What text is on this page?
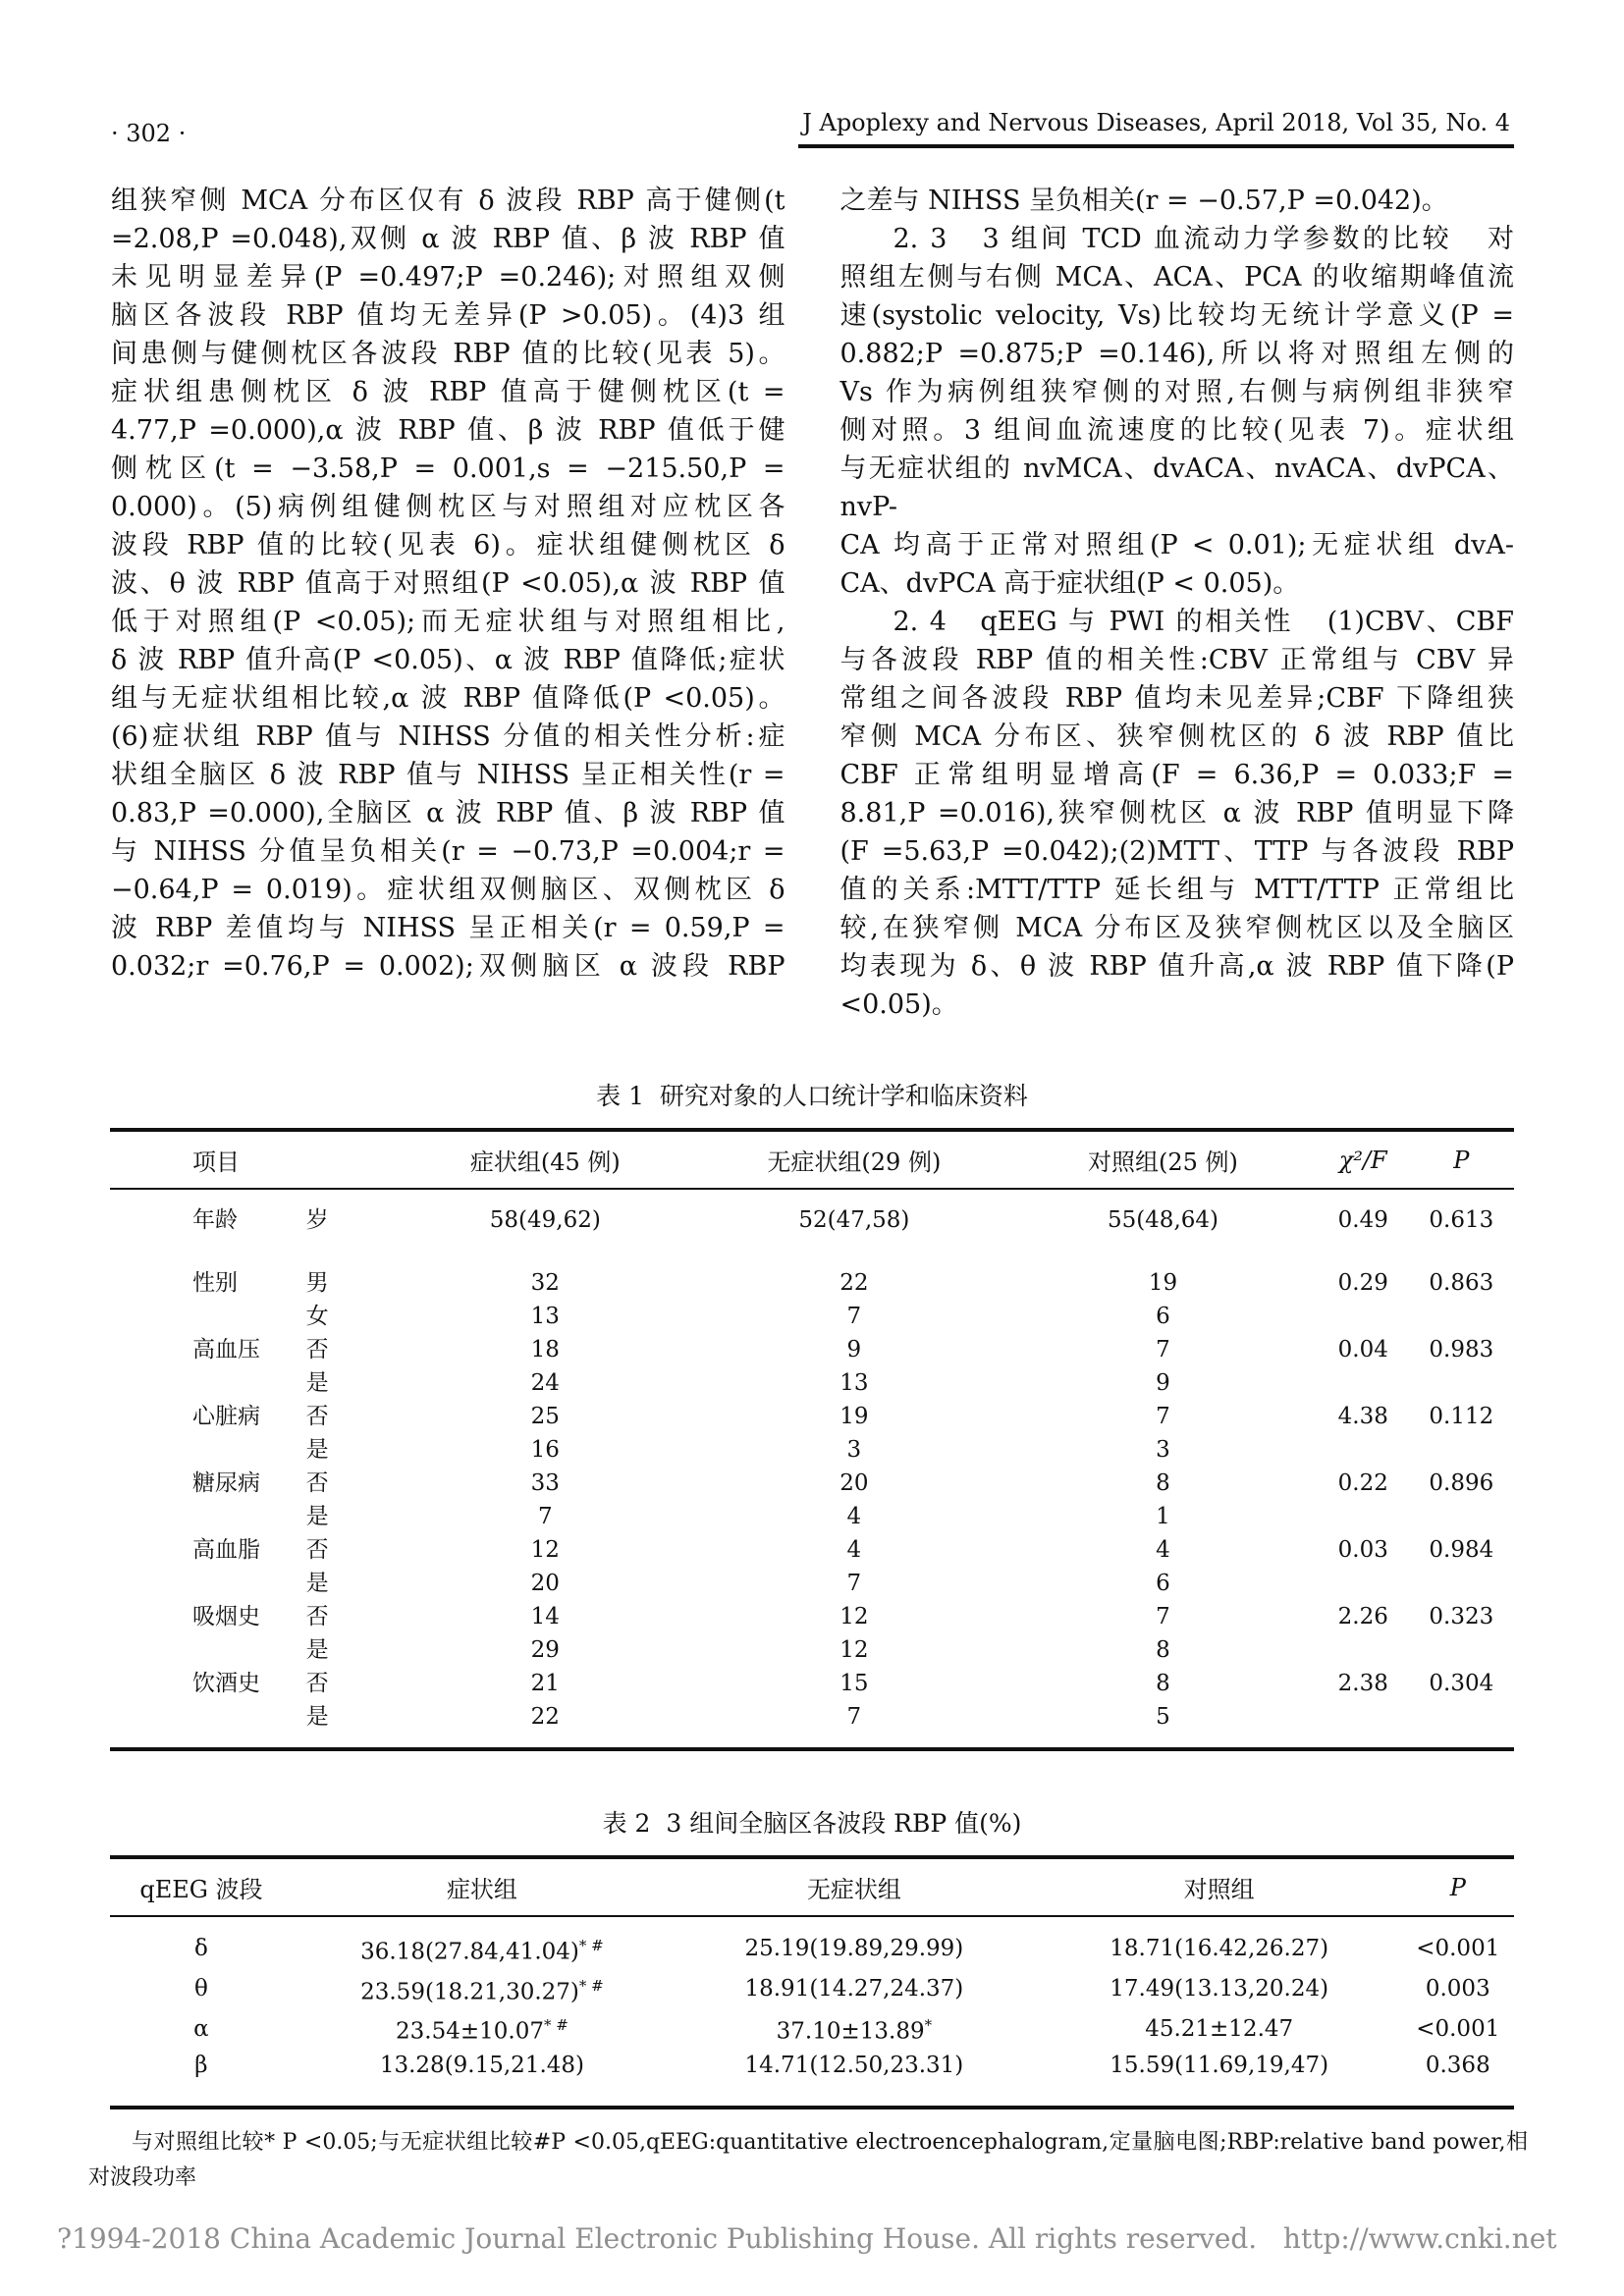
· 302 ·	J Apoplexy and Nervous Diseases, April 2018, Vol 35, No. 4
组狭窄侧 MCA 分布区仅有 δ 波段 RBP 高于健侧(t
=2.08,P =0.048),双侧 α 波 RBP 值、β 波 RBP 值
未见明显差异(P =0.497;P =0.246);对照组双侧
脑区各波段 RBP 值均无差异(P >0.05)。(4)3 组
间患侧与健侧枕区各波段 RBP 值的比较(见表 5)。
症状组患侧枕区 δ 波 RBP 值高于健侧枕区(t =
4.77,P =0.000),α 波 RBP 值、β 波 RBP 值低于健
侧枕区(t = −3.58,P = 0.001,s = −215.50,P =
0.000)。(5)病例组健侧枕区与对照组对应枕区各
波段 RBP 值的比较(见表 6)。症状组健侧枕区 δ
波、θ 波 RBP 值高于对照组(P <0.05),α 波 RBP 值
低于对照组(P <0.05);而无症状组与对照组相比,
δ 波 RBP 值升高(P <0.05)、α 波 RBP 值降低;症状
组与无症状组相比较,α 波 RBP 值降低(P <0.05)。
(6)症状组 RBP 值与 NIHSS 分值的相关性分析:症
状组全脑区 δ 波 RBP 值与 NIHSS 呈正相关性(r =
0.83,P =0.000),全脑区 α 波 RBP 值、β 波 RBP 值
与 NIHSS 分值呈负相关(r = −0.73,P =0.004;r =
−0.64,P = 0.019)。症状组双侧脑区、双侧枕区 δ
波 RBP 差值均与 NIHSS 呈正相关(r = 0.59,P =
0.032;r =0.76,P = 0.002);双侧脑区 α 波段 RBP
之差与 NIHSS 呈负相关(r = −0.57,P =0.042)。
2. 3   3 组间 TCD 血流动力学参数的比较   对
照组左侧与右侧 MCA、ACA、PCA 的收缩期峰值流
速(systolic velocity, Vs)比较均无统计学意义(P =
0.882;P =0.875;P =0.146),所以将对照组左侧的
Vs 作为病例组狭窄侧的对照,右侧与病例组非狭窄
侧对照。3 组间血流速度的比较(见表 7)。症状组
与无症状组的 nvMCA、dvACA、nvACA、dvPCA、nvP-
CA 均高于正常对照组(P < 0.01);无症状组 dvA-
CA、dvPCA 高于症状组(P < 0.05)。
2. 4   qEEG 与 PWI 的相关性   (1)CBV、CBF
与各波段 RBP 值的相关性:CBV 正常组与 CBV 异
常组之间各波段 RBP 值均未见差异;CBF 下降组狭
窄侧 MCA 分布区、狭窄侧枕区的 δ 波 RBP 值比
CBF 正常组明显增高(F = 6.36,P = 0.033;F =
8.81,P =0.016),狭窄侧枕区 α 波 RBP 值明显下降
(F =5.63,P =0.042);(2)MTT、TTP 与各波段 RBP
值的关系:MTT/TTP 延长组与 MTT/TTP 正常组比
较,在狭窄侧 MCA 分布区及狭窄侧枕区以及全脑区
均表现为 δ、θ 波 RBP 值升高,α 波 RBP 值下降(P
<0.05)。
表 1  研究对象的人口统计学和临床资料
项目		症状组(45 例)	无症状组(29 例)	对照组(25 例)	χ²/F	P
年龄	岁	58(49,62)	52(47,58)	55(48,64)	0.49	0.613
性别	男	32	22	19	0.29	0.863
	女	13	7	6		
高血压	否	18	9	7	0.04	0.983
	是	24	13	9		
心脏病	否	25	19	7	4.38	0.112
	是	16	3	3		
糖尿病	否	33	20	8	0.22	0.896
	是	7	4	1		
高血脂	否	12	4	4	0.03	0.984
	是	20	7	6		
吸烟史	否	14	12	7	2.26	0.323
	是	29	12	8		
饮酒史	否	21	15	8	2.38	0.304
	是	22	7	5		
表 2  3 组间全脑区各波段 RBP 值(%)
qEEG 波段	症状组	无症状组	对照组	P
δ	36.18(27.84,41.04)* #	25.19(19.89,29.99)	18.71(16.42,26.27)	<0.001
θ	23.59(18.21,30.27)* #	18.91(14.27,24.37)	17.49(13.13,20.24)	0.003
α	23.54±10.07* #	37.10±13.89*	45.21±12.47	<0.001
β	13.28(9.15,21.48)	14.71(12.50,23.31)	15.59(11.69,19,47)	0.368
与对照组比较* P <0.05;与无症状组比较#P <0.05,qEEG:quantitative electroencephalogram,定量脑电图;RBP:relative band power,相对波段功率
?1994-2018 China Academic Journal Electronic Publishing House. All rights reserved.   http://www.cnki.net
